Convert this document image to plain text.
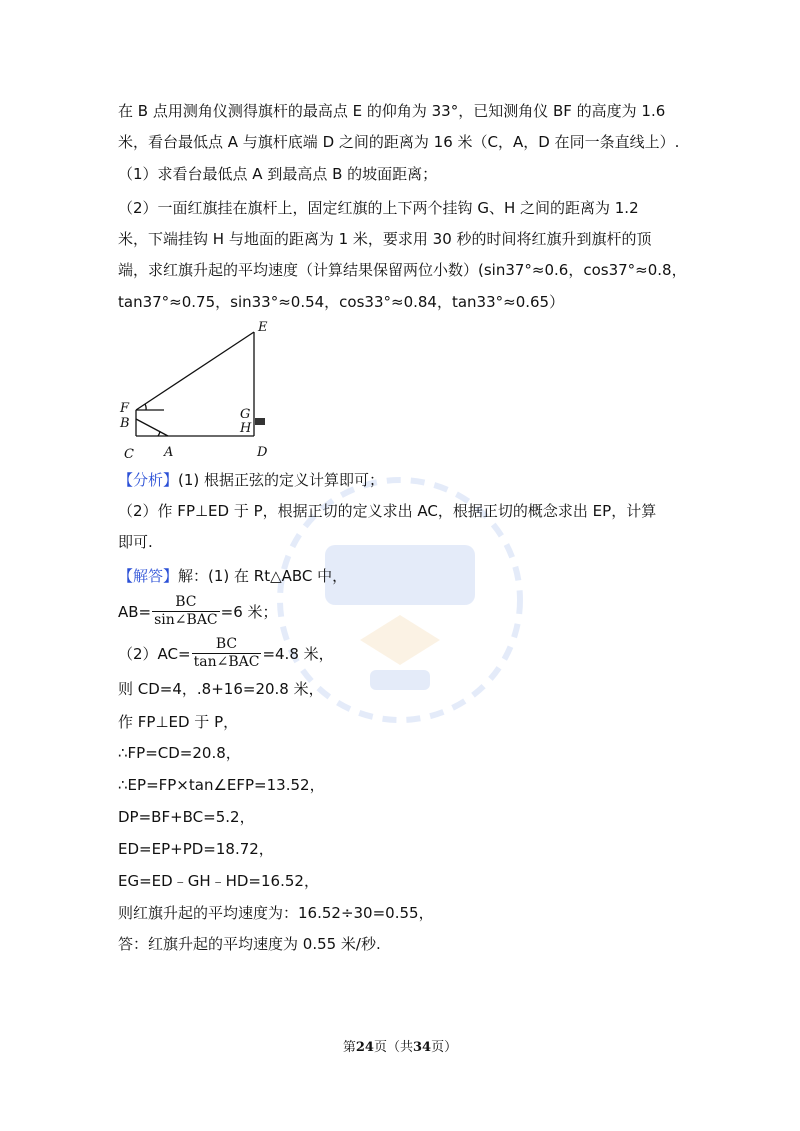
在 B 点用测角仪测得旗杆的最高点 E 的仰角为 33°，已知测角仪 BF 的高度为 1.6
米，看台最低点 A 与旗杆底端 D 之间的距离为 16 米（C，A，D 在同一条直线上）.
（1）求看台最低点 A 到最高点 B 的坡面距离；
（2）一面红旗挂在旗杆上，固定红旗的上下两个挂钩 G、H 之间的距离为 1.2
米，下端挂钩 H 与地面的距离为 1 米，要求用 30 秒的时间将红旗升到旗杆的顶
端，求红旗升起的平均速度（计算结果保留两位小数）(sin37°≈0.6，cos37°≈0.8，
tan37°≈0.75，sin33°≈0.54，cos33°≈0.84，tan33°≈0.65）
E
F
B
C A	D
G
H
【分析】(1) 根据正弦的定义计算即可；
（2）作 FP⊥ED 于 P，根据正切的定义求出 AC，根据正切的概念求出 EP，计算
即可.
【解答】解：(1) 在 Rt△ABC 中，
$AB= \frac{BC}{\text{sin∠BAC}} =6$ 米；
$(2)AC= \frac{BC}{\text{tan∠BAC}} =4.8$ 米，
则 CD=4，.8+16=20.8 米，
作 FP⊥ED 于 P，
∴FP=CD=20.8，
∴EP=FP×tan∠EFP=13.52，
DP=BF+BC=5.2，
ED=EP+PD=18.72，
EG=ED﹣GH﹣HD=16.52，
则红旗升起的平均速度为：16.52÷30=0.55，
答：红旗升起的平均速度为 0.55 米/秒.
第24页（共34页）
